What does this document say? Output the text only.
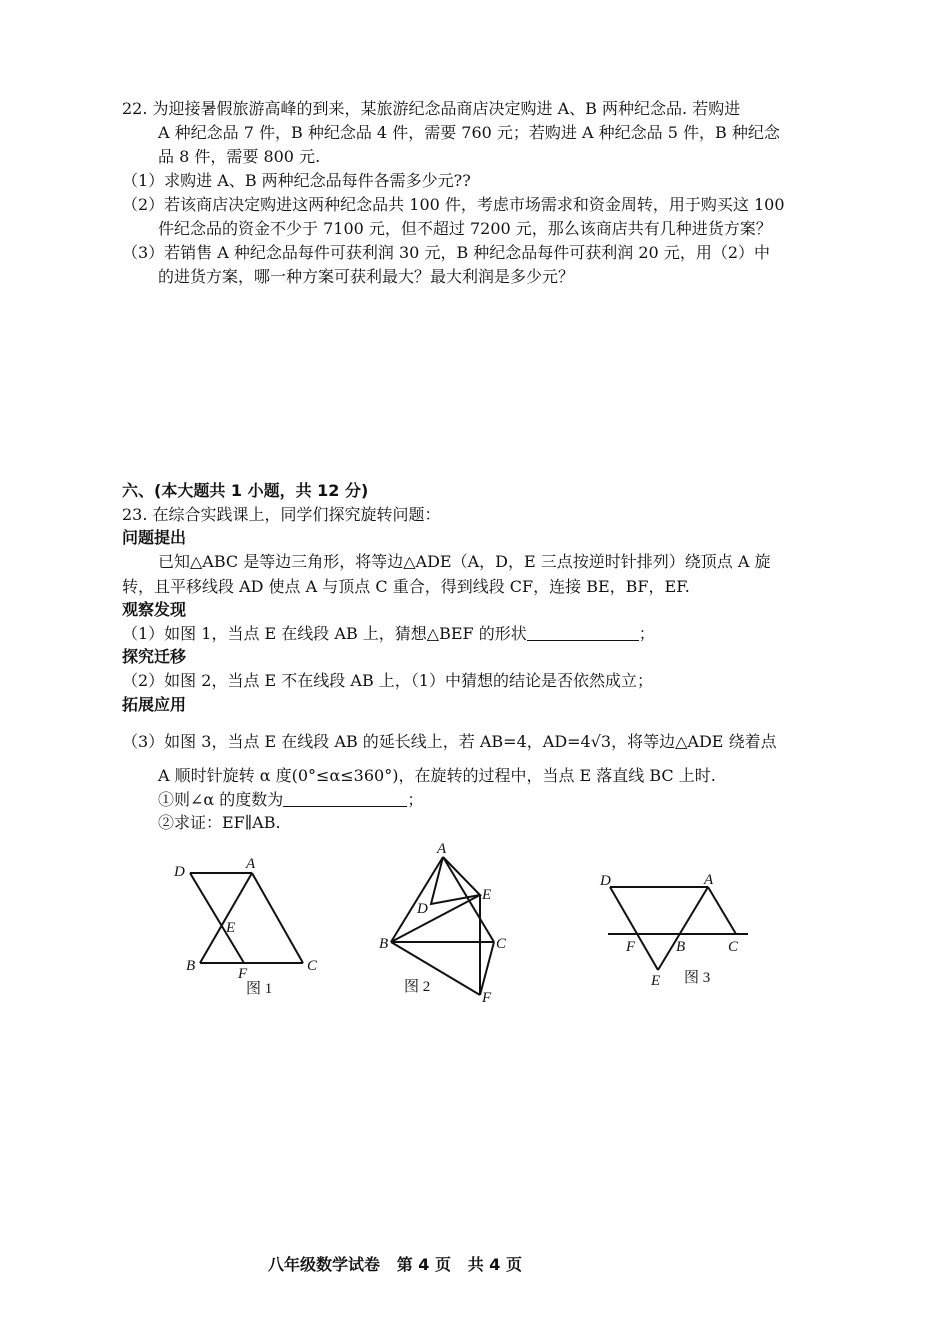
22. 为迎接暑假旅游高峰的到来，某旅游纪念品商店决定购进 A、B 两种纪念品. 若购进
A 种纪念品 7 件，B 种纪念品 4 件，需要 760 元；若购进 A 种纪念品 5 件，B 种纪念
品 8 件，需要 800 元.
（1）求购进 A、B 两种纪念品每件各需多少元??
（2）若该商店决定购进这两种纪念品共 100 件，考虑市场需求和资金周转，用于购买这 100
件纪念品的资金不少于 7100 元，但不超过 7200 元，那么该商店共有几种进货方案？
（3）若销售 A 种纪念品每件可获利润 30 元，B 种纪念品每件可获利润 20 元，用（2）中
的进货方案，哪一种方案可获利最大？最大利润是多少元？
六、(本大题共 1 小题，共 12 分)
23. 在综合实践课上，同学们探究旋转问题：
问题提出
已知△ABC 是等边三角形，将等边△ADE（A，D，E 三点按逆时针排列）绕顶点 A 旋
转，且平移线段 AD 使点 A 与顶点 C 重合，得到线段 CF，连接 BE，BF，EF.
观察发现
（1）如图 1，当点 E 在线段 AB 上，猜想△BEF 的形状	；
探究迁移
（2）如图 2，当点 E 不在线段 AB 上，（1）中猜想的结论是否依然成立；
拓展应用
（3）如图 3，当点 E 在线段 AB 的延长线上，若 AB=4，AD=4√3，将等边△ADE 绕着点
A 顺时针旋转 α 度(0°≤α≤360°)，在旋转的过程中，当点 E 落直线 BC 上时.
①则∠α 的度数为	；
②求证：EF∥AB.
D	A
E
B	F	C
图 1
A
D
E
B	C
F
图 2
D	A
F	B	C
E 图 3
八年级数学试卷   第 4 页   共 4 页
